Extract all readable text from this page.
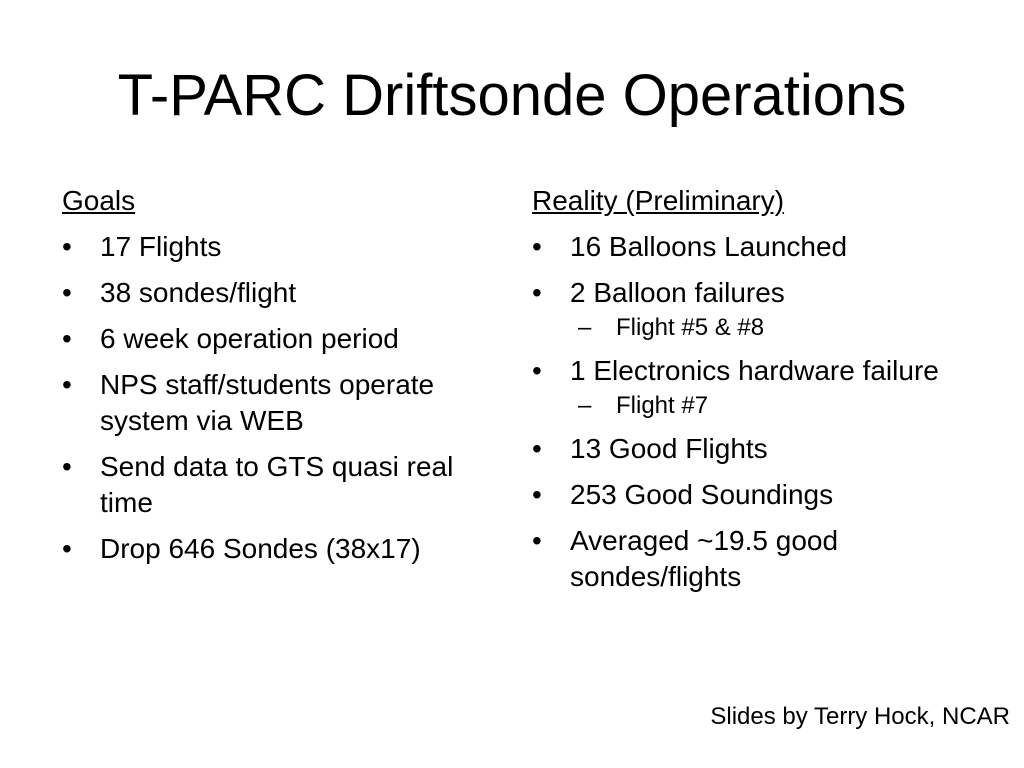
T-PARC Driftsonde Operations
Goals
•	17 Flights
•	38 sondes/flight
•	6 week operation period
•	NPS staff/students operate system via WEB
•	Send data to GTS quasi real time
•	Drop 646 Sondes (38x17)
Reality (Preliminary)
•	16 Balloons Launched
•	2 Balloon failures
– Flight #5 & #8
•	1 Electronics hardware failure
– Flight #7
•	13 Good Flights
•	253 Good Soundings
•	Averaged ~19.5 good sondes/flights
Slides by Terry Hock, NCAR
